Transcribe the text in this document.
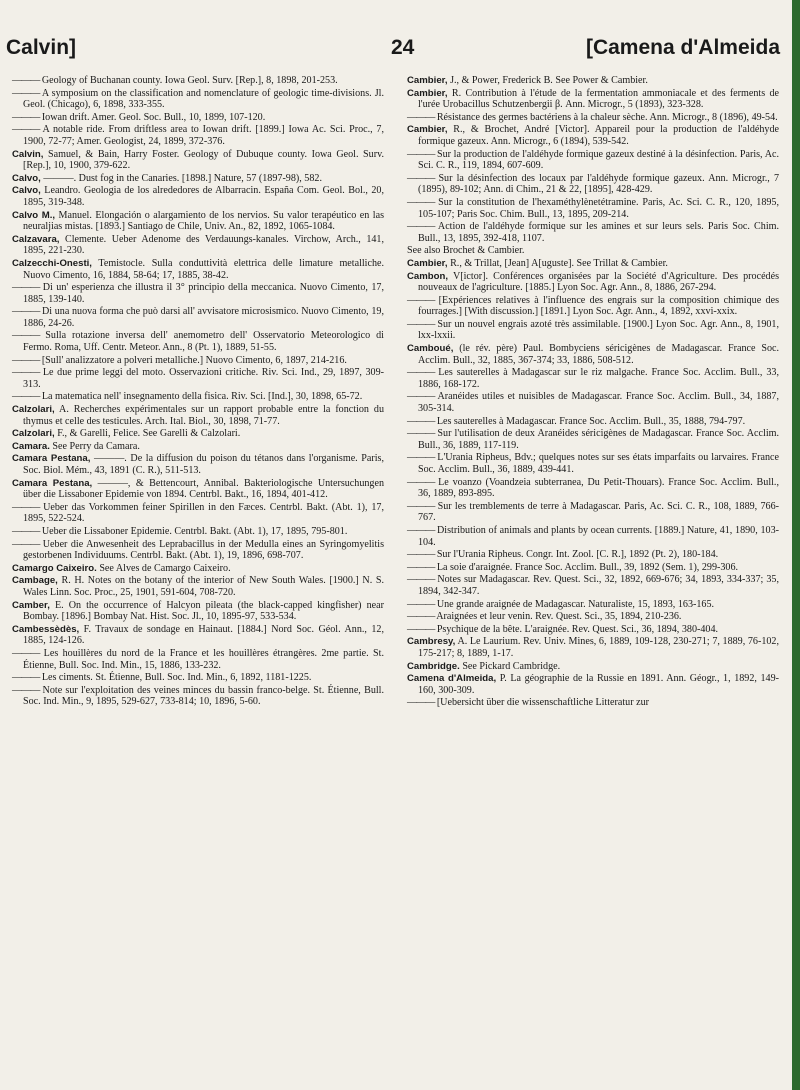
Calvin]	24	[Camena d'Almeida
——— Geology of Buchanan county. Iowa Geol. Surv. [Rep.], 8, 1898, 201-253.
——— A symposium on the classification and nomenclature of geologic time-divisions. Jl. Geol. (Chicago), 6, 1898, 333-355.
——— Iowan drift. Amer. Geol. Soc. Bull., 10, 1899, 107-120.
——— A notable ride. From driftless area to Iowan drift. [1899.] Iowa Ac. Sci. Proc., 7, 1900, 72-77; Amer. Geologist, 24, 1899, 372-376.
Calvin, Samuel, & Bain, Harry Foster. Geology of Dubuque county. Iowa Geol. Surv. [Rep.], 10, 1900, 379-622.
Calvo, ———. Dust fog in the Canaries. [1898.] Nature, 57 (1897-98), 582.
Calvo, Leandro. Geologia de los alrededores de Albarracin. España Com. Geol. Bol., 20, 1895, 319-348.
Calvo M., Manuel. Elongación o alargamiento de los nervios. Su valor terapéutico en las neuraljias mistas. [1893.] Santiago de Chile, Univ. An., 82, 1892, 1065-1084.
Calzavara, Clemente. Ueber Adenome des Verdauungs-kanales. Virchow, Arch., 141, 1895, 221-230.
Calzecchi-Onesti, Temistocle. Sulla conduttività elettrica delle limature metalliche. Nuovo Cimento, 16, 1884, 58-64; 17, 1885, 38-42.
——— Di un' esperienza che illustra il 3° principio della meccanica. Nuovo Cimento, 17, 1885, 139-140.
——— Di una nuova forma che può darsi all' avvisatore microsismico. Nuovo Cimento, 19, 1886, 24-26.
——— Sulla rotazione inversa dell' anemometro dell' Osservatorio Meteorologico di Fermo. Roma, Uff. Centr. Meteor. Ann., 8 (Pt. 1), 1889, 51-55.
——— [Sull' analizzatore a polveri metalliche.] Nuovo Cimento, 6, 1897, 214-216.
——— Le due prime leggi del moto. Osservazioni critiche. Riv. Sci. Ind., 29, 1897, 309-313.
——— La matematica nell' insegnamento della fisica. Riv. Sci. [Ind.], 30, 1898, 65-72.
Calzolari, A. Recherches expérimentales sur un rapport probable entre la fonction du thymus et celle des testicules. Arch. Ital. Biol., 30, 1898, 71-77.
Calzolari, F., & Garelli, Felice. See Garelli & Calzolari.
Camara. See Perry da Camara.
Camara Pestana, ———. De la diffusion du poison du tétanos dans l'organisme. Paris, Soc. Biol. Mém., 43, 1891 (C. R.), 511-513.
Camara Pestana, ———, & Bettencourt, Annibal. Bakteriologische Untersuchungen über die Lissaboner Epidemie von 1894. Centrbl. Bakt., 16, 1894, 401-412.
——— Ueber das Vorkommen feiner Spirillen in den Fæces. Centrbl. Bakt. (Abt. 1), 17, 1895, 522-524.
——— Ueber die Lissaboner Epidemie. Centrbl. Bakt. (Abt. 1), 17, 1895, 795-801.
——— Ueber die Anwesenheit des Leprabacillus in der Medulla eines an Syringomyelitis gestorbenen Individuums. Centrbl. Bakt. (Abt. 1), 19, 1896, 698-707.
Camargo Caixeiro. See Alves de Camargo Caixeiro.
Cambage, R. H. Notes on the botany of the interior of New South Wales. [1900.] N. S. Wales Linn. Soc. Proc., 25, 1901, 591-604, 708-720.
Camber, E. On the occurrence of Halcyon pileata (the black-capped kingfisher) near Bombay. [1896.] Bombay Nat. Hist. Soc. Jl., 10, 1895-97, 533-534.
Cambessèdès, F. Travaux de sondage en Hainaut. [1884.] Nord Soc. Géol. Ann., 12, 1885, 124-126.
——— Les houillères du nord de la France et les houillères étrangères. 2me partie. St. Étienne, Bull. Soc. Ind. Min., 15, 1886, 133-232.
——— Les ciments. St. Étienne, Bull. Soc. Ind. Min., 6, 1892, 1181-1225.
——— Note sur l'exploitation des veines minces du bassin franco-belge. St. Étienne, Bull. Soc. Ind. Min., 9, 1895, 529-627, 733-814; 10, 1896, 5-60.
Cambier, J., & Power, Frederick B. See Power & Cambier.
Cambier, R. Contribution à l'étude de la fermentation ammoniacale et des ferments de l'urée Urobacillus Schutzenbergii β. Ann. Microgr., 5 (1893), 323-328.
——— Résistance des germes bactériens à la chaleur sèche. Ann. Microgr., 8 (1896), 49-54.
Cambier, R., & Brochet, André [Victor]. Appareil pour la production de l'aldéhyde formique gazeux. Ann. Microgr., 6 (1894), 539-542.
——— Sur la production de l'aldéhyde formique gazeux destiné à la désinfection. Paris, Ac. Sci. C. R., 119, 1894, 607-609.
——— Sur la désinfection des locaux par l'aldéhyde formique gazeux. Ann. Microgr., 7 (1895), 89-102; Ann. di Chim., 21 & 22, [1895], 428-429.
——— Sur la constitution de l'hexaméthylènetétramine. Paris, Ac. Sci. C. R., 120, 1895, 105-107; Paris Soc. Chim. Bull., 13, 1895, 209-214.
——— Action de l'aldéhyde formique sur les amines et sur leurs sels. Paris Soc. Chim. Bull., 13, 1895, 392-418, 1107.
See also Brochet & Cambier.
Cambier, R., & Trillat, [Jean] A[uguste]. See Trillat & Cambier.
Cambon, V[ictor]. Conférences organisées par la Société d'Agriculture. Des procédés nouveaux de l'agriculture. [1885.] Lyon Soc. Agr. Ann., 8, 1886, 267-294.
——— [Expériences relatives à l'influence des engrais sur la composition chimique des fourrages.] [With discussion.] [1891.] Lyon Soc. Agr. Ann., 4, 1892, xxvi-xxix.
——— Sur un nouvel engrais azoté très assimilable. [1900.] Lyon Soc. Agr. Ann., 8, 1901, lxx-lxxii.
Camboué, (le rév. père) Paul. Bombyciens séricigènes de Madagascar. France Soc. Acclim. Bull., 32, 1885, 367-374; 33, 1886, 508-512.
——— Les sauterelles à Madagascar sur le riz malgache. France Soc. Acclim. Bull., 33, 1886, 168-172.
——— Aranéides utiles et nuisibles de Madagascar. France Soc. Acclim. Bull., 34, 1887, 305-314.
——— Les sauterelles à Madagascar. France Soc. Acclim. Bull., 35, 1888, 794-797.
——— Sur l'utilisation de deux Aranéides séricigènes de Madagascar. France Soc. Acclim. Bull., 36, 1889, 117-119.
——— L'Urania Ripheus, Bdv.; quelques notes sur ses états imparfaits ou larvaires. France Soc. Acclim. Bull., 36, 1889, 439-441.
——— Le voanzo (Voandzeia subterranea, Du Petit-Thouars). France Soc. Acclim. Bull., 36, 1889, 893-895.
——— Sur les tremblements de terre à Madagascar. Paris, Ac. Sci. C. R., 108, 1889, 766-767.
——— Distribution of animals and plants by ocean currents. [1889.] Nature, 41, 1890, 103-104.
——— Sur l'Urania Ripheus. Congr. Int. Zool. [C. R.], 1892 (Pt. 2), 180-184.
——— La soie d'araignée. France Soc. Acclim. Bull., 39, 1892 (Sem. 1), 299-306.
——— Notes sur Madagascar. Rev. Quest. Sci., 32, 1892, 669-676; 34, 1893, 334-337; 35, 1894, 342-347.
——— Une grande araignée de Madagascar. Naturaliste, 15, 1893, 163-165.
——— Araignées et leur venin. Rev. Quest. Sci., 35, 1894, 210-236.
——— Psychique de la bête. L'araignée. Rev. Quest. Sci., 36, 1894, 380-404.
Cambresy, A. Le Laurium. Rev. Univ. Mines, 6, 1889, 109-128, 230-271; 7, 1889, 76-102, 175-217; 8, 1889, 1-17.
Cambridge. See Pickard Cambridge.
Camena d'Almeida, P. La géographie de la Russie en 1891. Ann. Géogr., 1, 1892, 149-160, 300-309.
——— [Uebersicht über die wissenschaftliche Litteratur zur
